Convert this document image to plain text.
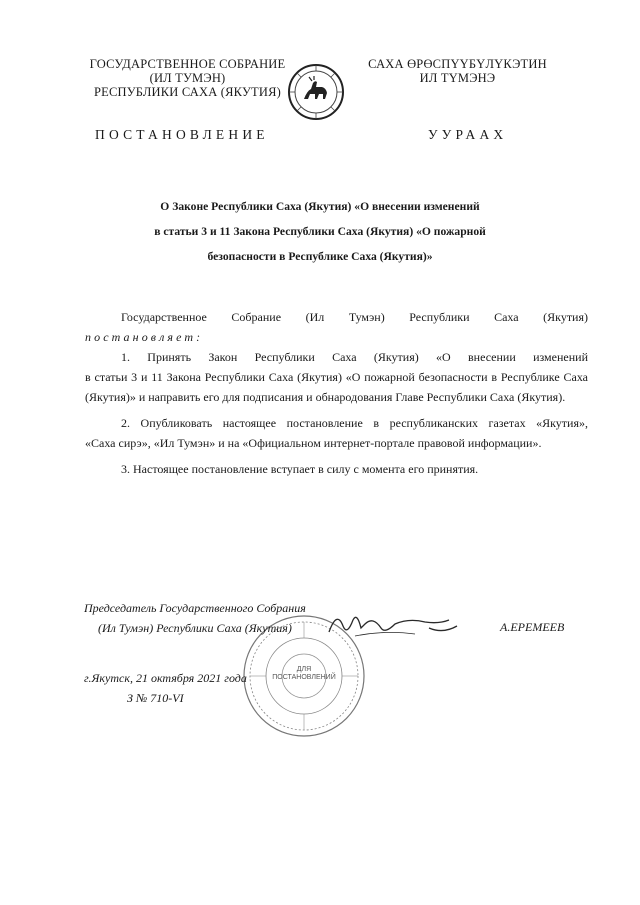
ГОСУДАРСТВЕННОЕ СОБРАНИЕ
(ИЛ ТУМЭН)
РЕСПУБЛИКИ САХА (ЯКУТИЯ)
САХА ӨРӨСПҮҮБҮЛҮКЭТИН
ИЛ ТҮМЭНЭ
ПОСТАНОВЛЕНИЕ	УУРААХ
О Законе Республики Саха (Якутия) «О внесении изменений
в статьи 3 и 11 Закона Республики Саха (Якутия) «О пожарной
безопасности в Республике Саха (Якутия)»

Государственное Собрание (Ил Тумэн) Республики Саха (Якутия)

постановляет:

1. Принять Закон Республики Саха (Якутия) «О внесении изменений

в статьи 3 и 11 Закона Республики Саха (Якутия) «О пожарной безопасности в Республике Саха (Якутия)» и направить его для подписания и обнародования Главе Республики Саха (Якутия).

2. Опубликовать настоящее постановление в республиканских газетах «Якутия»,

«Саха сирэ», «Ил Тумэн» и на «Официальном интернет-портале правовой информации».

3. Настоящее постановление вступает в силу с момента его принятия.

ДЛЯ ПОСТАНОВЛЕНИЙ
Председатель Государственного Собрания
(Ил Тумэн) Республики Саха (Якутия)	А.ЕРЕМЕЕВ
г.Якутск, 21 октября 2021 года
З № 710-VI
